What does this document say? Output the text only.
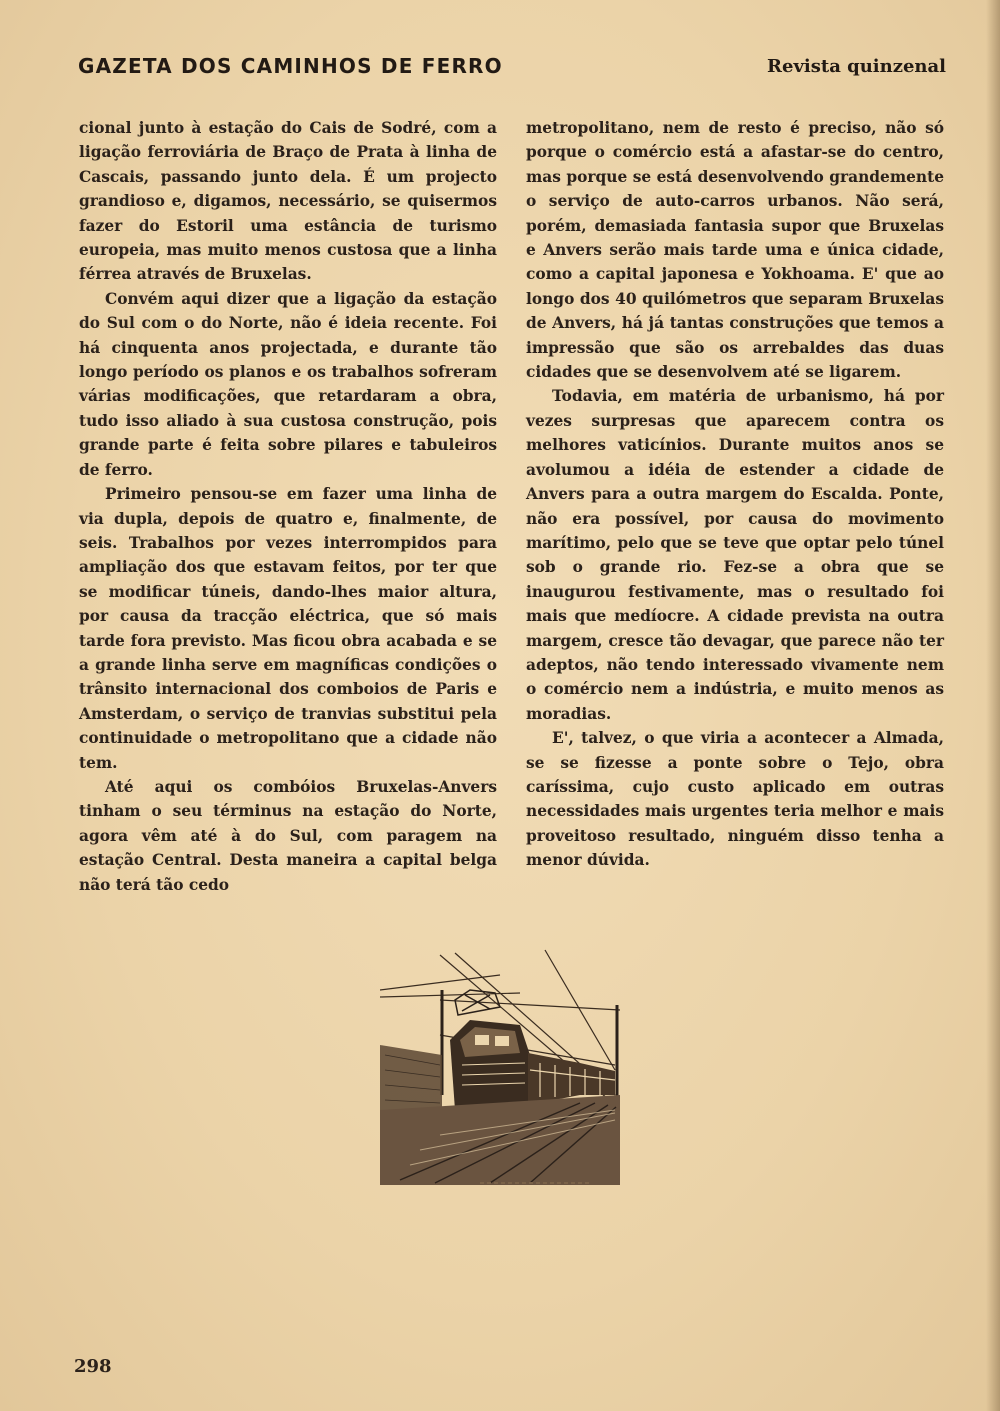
GAZETA DOS CAMINHOS DE FERRO	Revista quinzenal

cional junto à estação do Cais de Sodré, com a ligação ferroviária de Braço de Prata à linha de Cascais, passando junto dela. É um projecto grandioso e, digamos, necessário, se quisermos fazer do Estoril uma estância de turismo europeia, mas muito menos custosa que a linha férrea através de Bruxelas.

Convém aqui dizer que a ligação da estação do Sul com o do Norte, não é ideia recente. Foi há cinquenta anos projectada, e durante tão longo período os planos e os trabalhos sofreram várias modificações, que retardaram a obra, tudo isso aliado à sua custosa construção, pois grande parte é feita sobre pilares e tabuleiros de ferro.

Primeiro pensou-se em fazer uma linha de via dupla, depois de quatro e, finalmente, de seis. Trabalhos por vezes interrompidos para ampliação dos que estavam feitos, por ter que se modificar túneis, dando-lhes maior altura, por causa da tracção eléctrica, que só mais tarde fora previsto. Mas ficou obra acabada e se a grande linha serve em magníficas condições o trânsito internacional dos comboios de Paris e Amsterdam, o serviço de tranvias substitui pela continuidade o metropolitano que a cidade não tem.

Até aqui os combóios Bruxelas-Anvers tinham o seu términus na estação do Norte, agora vêm até à do Sul, com paragem na estação Central. Desta maneira a capital belga não terá tão cedo

metropolitano, nem de resto é preciso, não só porque o comércio está a afastar-se do centro, mas porque se está desenvolvendo grandemente o serviço de auto-carros urbanos. Não será, porém, demasiada fantasia supor que Bruxelas e Anvers serão mais tarde uma e única cidade, como a capital japonesa e Yokhoama. E' que ao longo dos 40 quilómetros que separam Bruxelas de Anvers, há já tantas construções que temos a impressão que são os arrebaldes das duas cidades que se desenvolvem até se ligarem.

Todavia, em matéria de urbanismo, há por vezes surpresas que aparecem contra os melhores vaticínios. Durante muitos anos se avolumou a idéia de estender a cidade de Anvers para a outra margem do Escalda. Ponte, não era possível, por causa do movimento marítimo, pelo que se teve que optar pelo túnel sob o grande rio. Fez-se a obra que se inaugurou festivamente, mas o resultado foi mais que medíocre. A cidade prevista na outra margem, cresce tão devagar, que parece não ter adeptos, não tendo interessado vivamente nem o comércio nem a indústria, e muito menos as moradias.

E', talvez, o que viria a acontecer a Almada, se se fizesse a ponte sobre o Tejo, obra caríssima, cujo custo aplicado em outras necessidades mais urgentes teria melhor e mais proveitoso resultado, ninguém disso tenha a menor dúvida.

298
